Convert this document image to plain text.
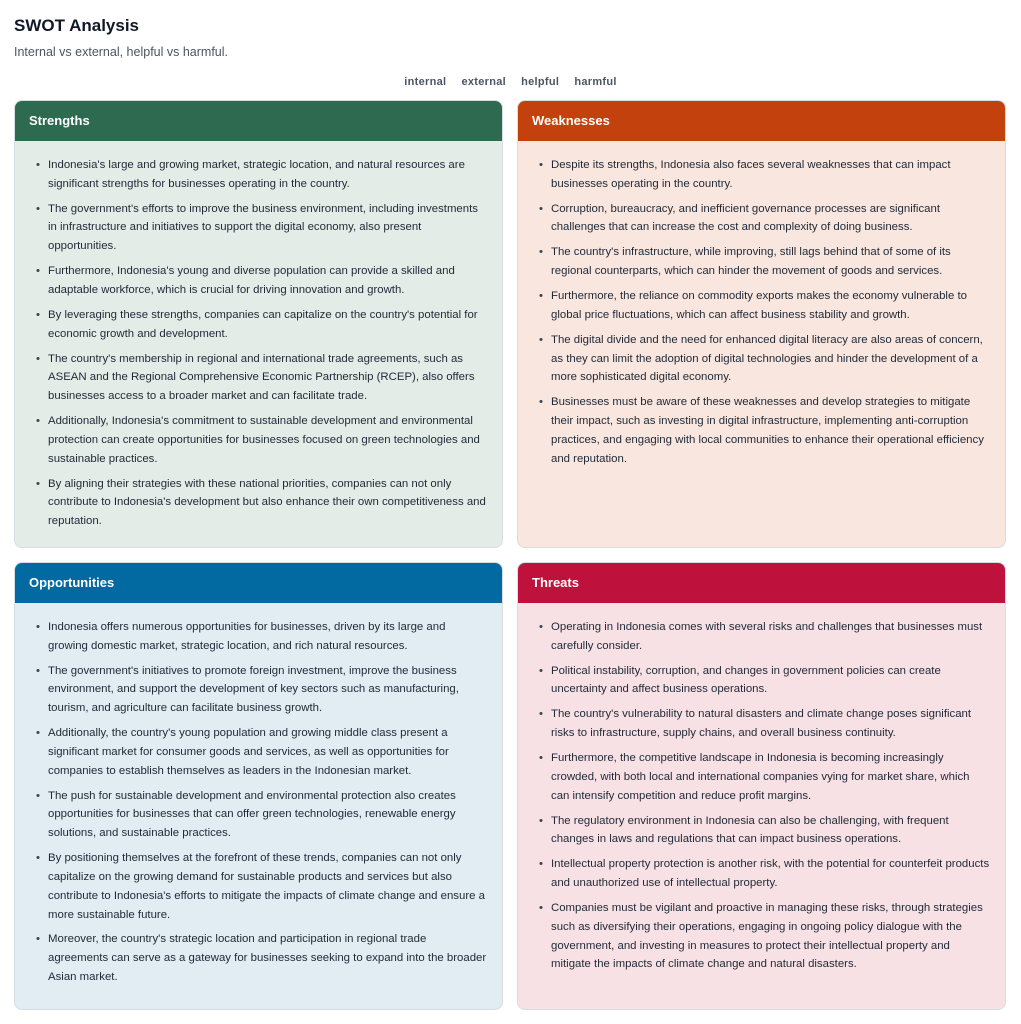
SWOT Analysis

Internal vs external, helpful vs harmful.

internal external helpful harmful
Strengths
• Indonesia's large and growing market, strategic location, and natural resources are significant strengths for businesses operating in the country.
• The government's efforts to improve the business environment, including investments in infrastructure and initiatives to support the digital economy, also present opportunities.
• Furthermore, Indonesia's young and diverse population can provide a skilled and adaptable workforce, which is crucial for driving innovation and growth.
• By leveraging these strengths, companies can capitalize on the country's potential for economic growth and development.
• The country's membership in regional and international trade agreements, such as ASEAN and the Regional Comprehensive Economic Partnership (RCEP), also offers businesses access to a broader market and can facilitate trade.
• Additionally, Indonesia's commitment to sustainable development and environmental protection can create opportunities for businesses focused on green technologies and sustainable practices.
• By aligning their strategies with these national priorities, companies can not only contribute to Indonesia's development but also enhance their own competitiveness and reputation.
Weaknesses
• Despite its strengths, Indonesia also faces several weaknesses that can impact businesses operating in the country.
• Corruption, bureaucracy, and inefficient governance processes are significant challenges that can increase the cost and complexity of doing business.
• The country's infrastructure, while improving, still lags behind that of some of its regional counterparts, which can hinder the movement of goods and services.
• Furthermore, the reliance on commodity exports makes the economy vulnerable to global price fluctuations, which can affect business stability and growth.
• The digital divide and the need for enhanced digital literacy are also areas of concern, as they can limit the adoption of digital technologies and hinder the development of a more sophisticated digital economy.
• Businesses must be aware of these weaknesses and develop strategies to mitigate their impact, such as investing in digital infrastructure, implementing anti-corruption practices, and engaging with local communities to enhance their operational efficiency and reputation.
Opportunities
• Indonesia offers numerous opportunities for businesses, driven by its large and growing domestic market, strategic location, and rich natural resources.
• The government's initiatives to promote foreign investment, improve the business environment, and support the development of key sectors such as manufacturing, tourism, and agriculture can facilitate business growth.
• Additionally, the country's young population and growing middle class present a significant market for consumer goods and services, as well as opportunities for companies to establish themselves as leaders in the Indonesian market.
• The push for sustainable development and environmental protection also creates opportunities for businesses that can offer green technologies, renewable energy solutions, and sustainable practices.
• By positioning themselves at the forefront of these trends, companies can not only capitalize on the growing demand for sustainable products and services but also contribute to Indonesia's efforts to mitigate the impacts of climate change and ensure a more sustainable future.
• Moreover, the country's strategic location and participation in regional trade agreements can serve as a gateway for businesses seeking to expand into the broader Asian market.
Threats
• Operating in Indonesia comes with several risks and challenges that businesses must carefully consider.
• Political instability, corruption, and changes in government policies can create uncertainty and affect business operations.
• The country's vulnerability to natural disasters and climate change poses significant risks to infrastructure, supply chains, and overall business continuity.
• Furthermore, the competitive landscape in Indonesia is becoming increasingly crowded, with both local and international companies vying for market share, which can intensify competition and reduce profit margins.
• The regulatory environment in Indonesia can also be challenging, with frequent changes in laws and regulations that can impact business operations.
• Intellectual property protection is another risk, with the potential for counterfeit products and unauthorized use of intellectual property.
• Companies must be vigilant and proactive in managing these risks, through strategies such as diversifying their operations, engaging in ongoing policy dialogue with the government, and investing in measures to protect their intellectual property and mitigate the impacts of climate change and natural disasters.
